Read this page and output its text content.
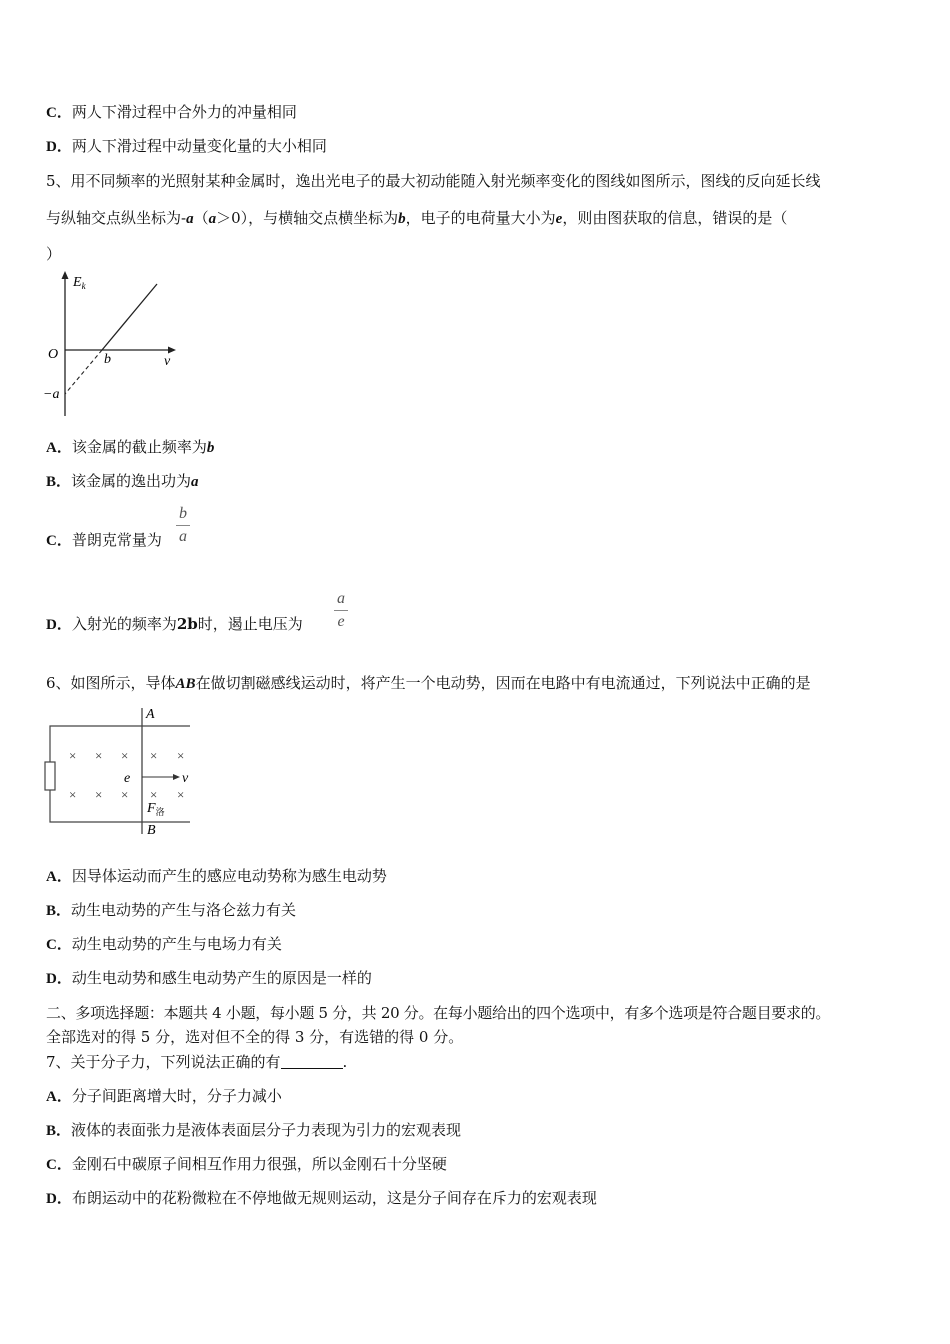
C．两人下滑过程中合外力的冲量相同
D．两人下滑过程中动量变化量的大小相同
5、用不同频率的光照射某种金属时，逸出光电子的最大初动能随入射光频率变化的图线如图所示，图线的反向延长线
与纵轴交点纵坐标为-a（a＞0），与横轴交点横坐标为b，电子的电荷量大小为e，则由图获取的信息，错误的是（
）
$E_k$
O	b	ν
−a
A．该金属的截止频率为b
B．该金属的逸出功为a
C．普朗克常量为
b
a
D．入射光的频率为2b时，遏止电压为
a
e
6、如图所示，导体AB在做切割磁感线运动时，将产生一个电动势，因而在电路中有电流通过，下列说法中正确的是
A
B
× × × × ×
× × × × ×
e	v
$F_洛$
A．因导体运动而产生的感应电动势称为感生电动势
B．动生电动势的产生与洛仑兹力有关
C．动生电动势的产生与电场力有关
D．动生电动势和感生电动势产生的原因是一样的
二、多项选择题：本题共 4 小题，每小题 5 分，共 20 分。在每小题给出的四个选项中，有多个选项是符合题目要求的。
全部选对的得 5 分，选对但不全的得 3 分，有选错的得 0 分。
7、关于分子力，下列说法正确的有	.
A．分子间距离增大时，分子力减小
B．液体的表面张力是液体表面层分子力表现为引力的宏观表现
C．金刚石中碳原子间相互作用力很强，所以金刚石十分坚硬
D．布朗运动中的花粉微粒在不停地做无规则运动，这是分子间存在斥力的宏观表现
